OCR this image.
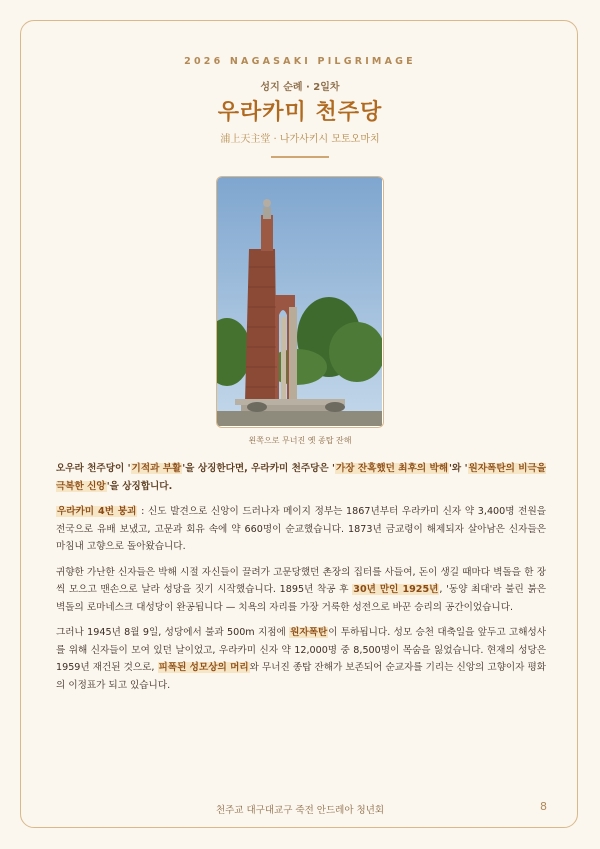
2026 NAGASAKI PILGRIMAGE
성지 순례 · 2일차
우라카미 천주당
浦上天主堂 · 나가사키시 모토오마치
왼쪽으로 무너진 옛 종탑 잔해

오우라 천주당이 '기적과 부활'을 상징한다면, 우라카미 천주당은 '가장 잔혹했던 최후의 박해'와 '원자폭탄의 비극을 극복한 신앙'을 상징합니다.

우라카미 4번 붕괴 : 신도 발견으로 신앙이 드러나자 메이지 정부는 1867년부터 우라카미 신자 약 3,400명 전원을 전국으로 유배 보냈고, 고문과 회유 속에 약 660명이 순교했습니다. 1873년 금교령이 해제되자 살아남은 신자들은 마침내 고향으로 돌아왔습니다.

귀향한 가난한 신자들은 박해 시절 자신들이 끌려가 고문당했던 촌장의 집터를 사들여, 돈이 생길 때마다 벽돌을 한 장씩 모으고 맨손으로 날라 성당을 짓기 시작했습니다. 1895년 착공 후 30년 만인 1925년, '동양 최대'라 불린 붉은 벽돌의 로마네스크 대성당이 완공됩니다 — 치욕의 자리를 가장 거룩한 성전으로 바꾼 승리의 공간이었습니다.

그러나 1945년 8월 9일, 성당에서 불과 500m 지점에 원자폭탄이 투하됩니다. 성모 승천 대축일을 앞두고 고해성사를 위해 신자들이 모여 있던 날이었고, 우라카미 신자 약 12,000명 중 8,500명이 목숨을 잃었습니다. 현재의 성당은 1959년 재건된 것으로, 피폭된 성모상의 머리와 무너진 종탑 잔해가 보존되어 순교자를 기리는 신앙의 고향이자 평화의 이정표가 되고 있습니다.

천주교 대구대교구 죽전 안드레아 청년회	8
